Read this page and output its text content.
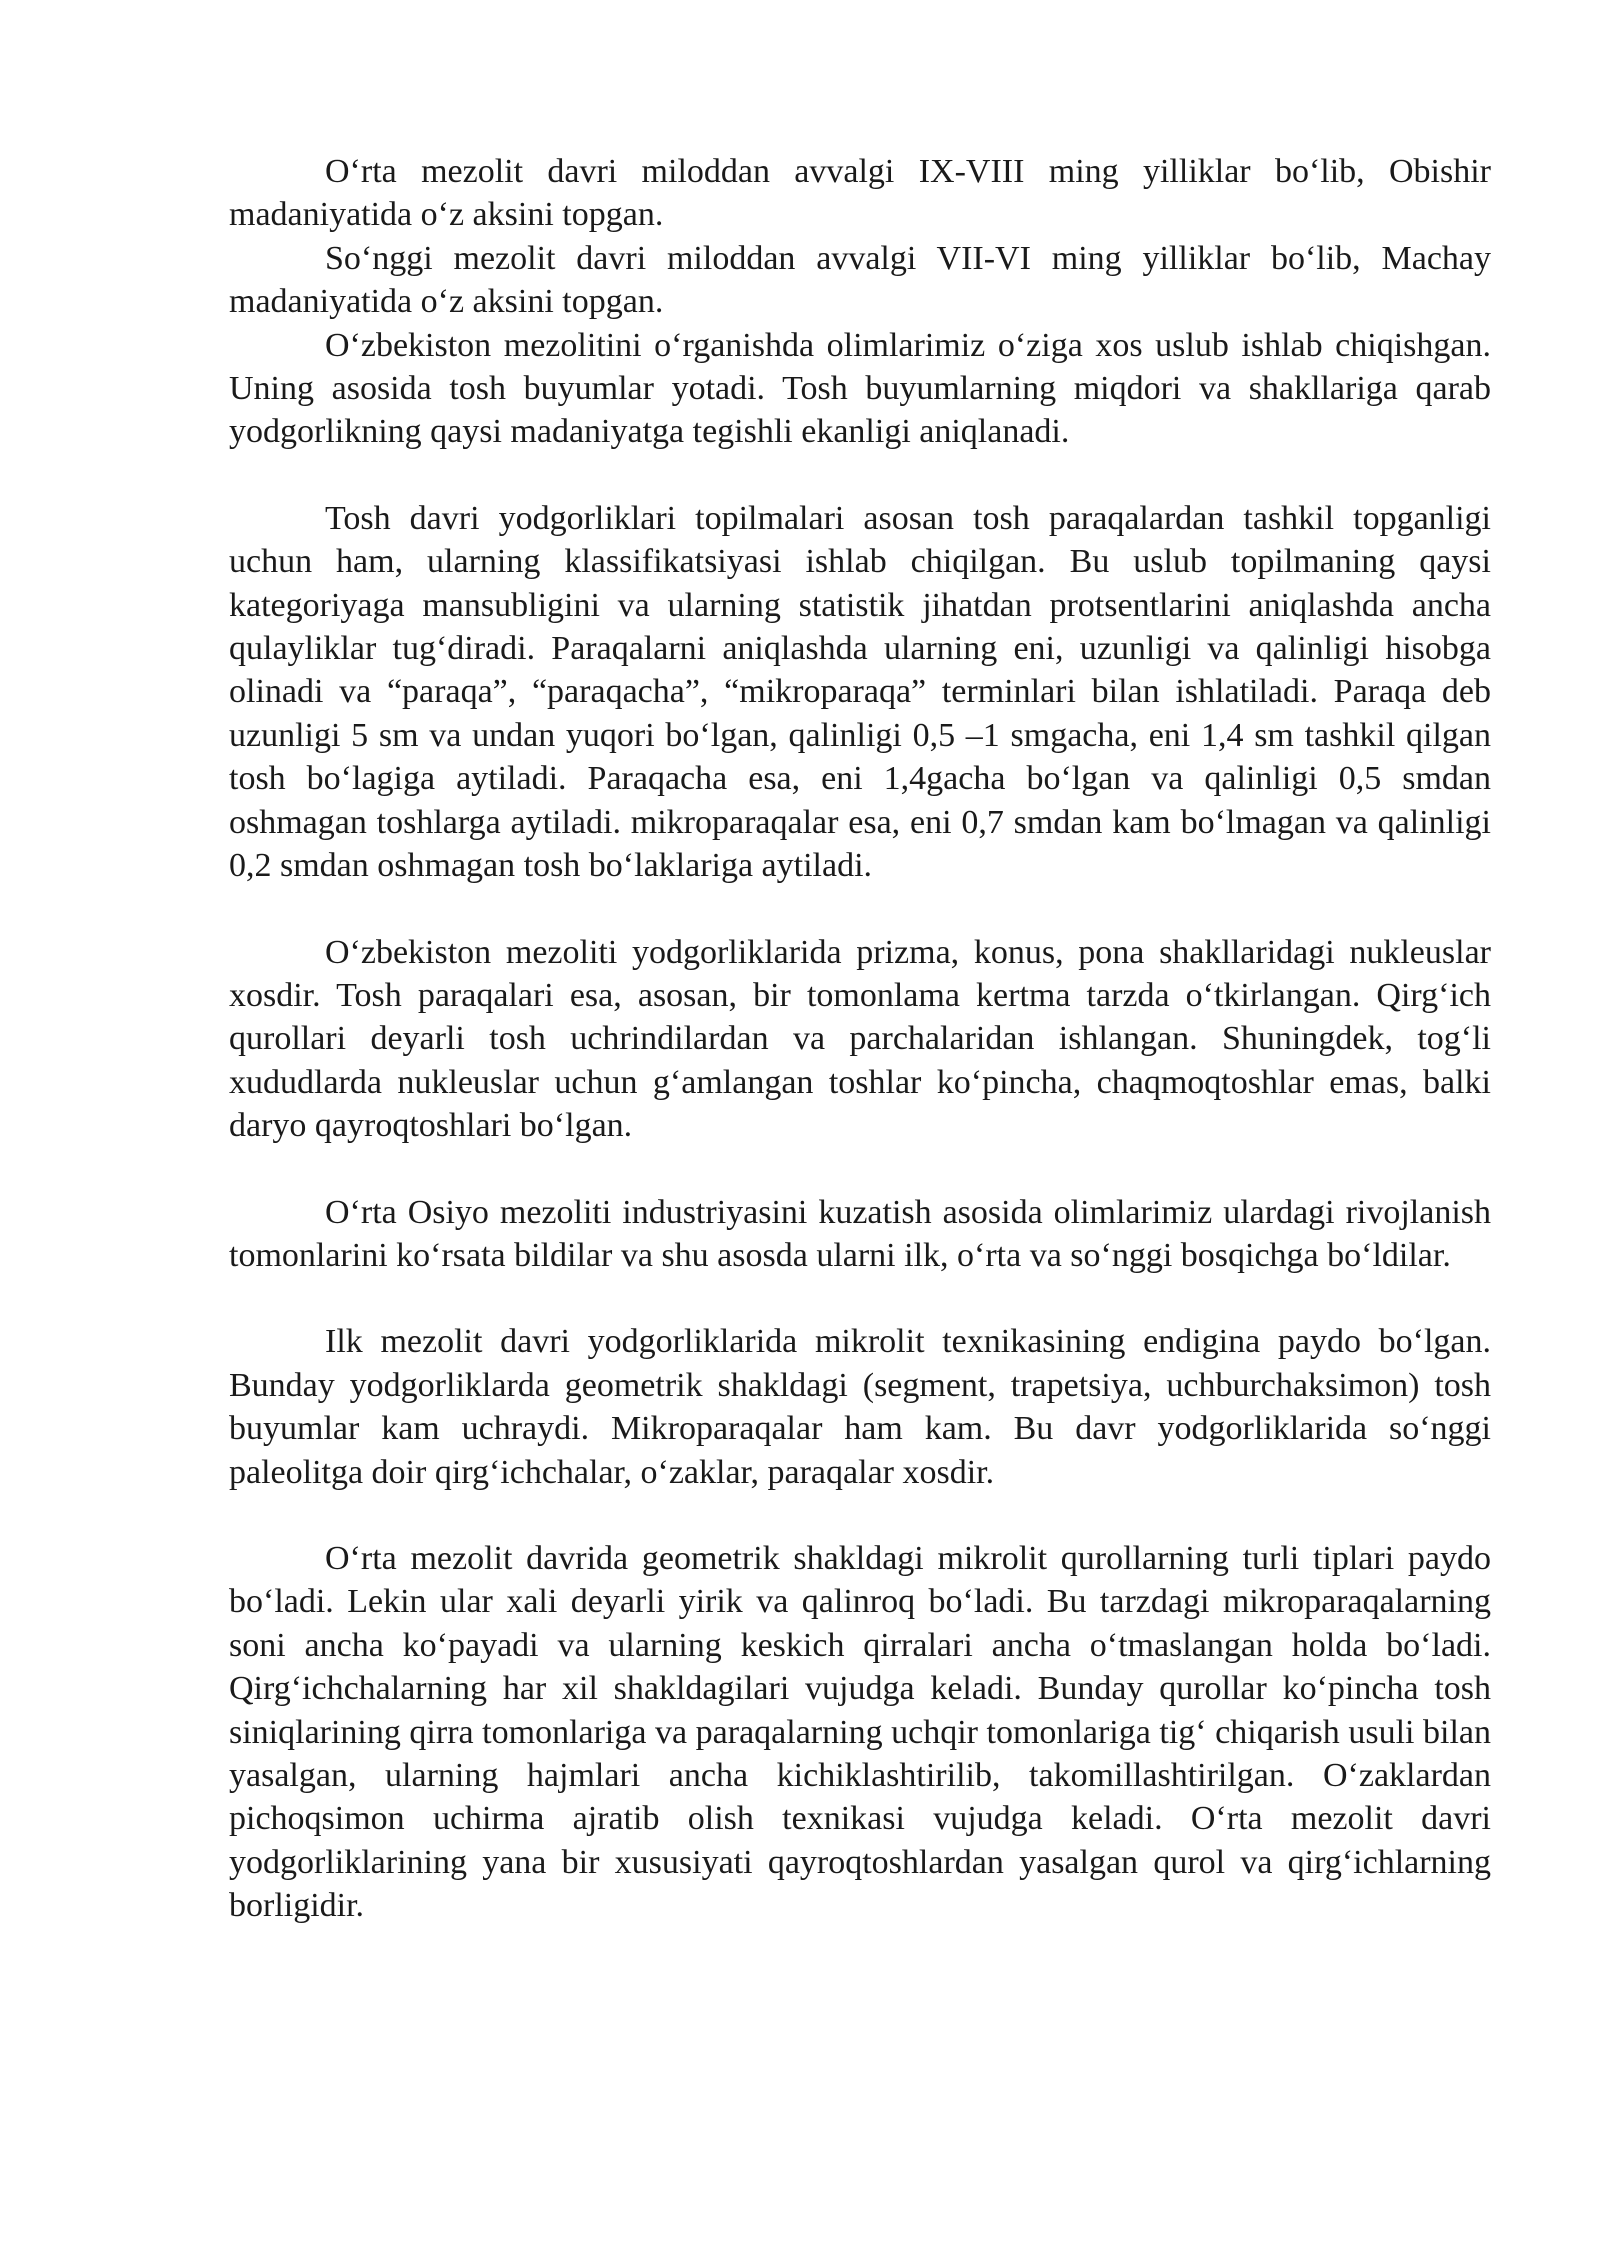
O‘rta mezolit davri miloddan avvalgi IX-VIII ming yilliklar bo‘lib, Obishir madaniyatida o‘z aksini topgan.

So‘nggi mezolit davri miloddan avvalgi VII-VI ming yilliklar bo‘lib, Machay madaniyatida o‘z aksini topgan.

O‘zbekiston mezolitini o‘rganishda olimlarimiz o‘ziga xos uslub ishlab chiqishgan. Uning asosida tosh buyumlar yotadi. Tosh buyumlarning miqdori va shakllariga qarab yodgorlikning qaysi madaniyatga tegishli ekanligi aniqlanadi.

Tosh davri yodgorliklari topilmalari asosan tosh paraqalardan tashkil topganligi uchun ham, ularning klassifikatsiyasi ishlab chiqilgan. Bu uslub topilmaning qaysi kategoriyaga mansubligini va ularning statistik jihatdan protsentlarini aniqlashda ancha qulayliklar tug‘diradi. Paraqalarni aniqlashda ularning eni, uzunligi va qalinligi hisobga olinadi va “paraqa”, “paraqacha”, “mikroparaqa” terminlari bilan ishlatiladi. Paraqa deb uzunligi 5 sm va undan yuqori bo‘lgan, qalinligi 0,5 –1 smgacha, eni 1,4 sm tashkil qilgan tosh bo‘lagiga aytiladi. Paraqacha esa, eni 1,4gacha bo‘lgan va qalinligi 0,5 smdan oshmagan toshlarga aytiladi. mikroparaqalar esa, eni 0,7 smdan kam bo‘lmagan va qalinligi 0,2 smdan oshmagan tosh bo‘laklariga aytiladi.

O‘zbekiston mezoliti yodgorliklarida prizma, konus, pona shakllaridagi nukleuslar xosdir. Tosh paraqalari esa, asosan, bir tomonlama kertma tarzda o‘tkirlangan. Qirg‘ich qurollari deyarli tosh uchrindilardan va parchalaridan ishlangan. Shuningdek, tog‘li xududlarda nukleuslar uchun g‘amlangan toshlar ko‘pincha, chaqmoqtoshlar emas, balki daryo qayroqtoshlari bo‘lgan.

O‘rta Osiyo mezoliti industriyasini kuzatish asosida olimlarimiz ulardagi rivojlanish tomonlarini ko‘rsata bildilar va shu asosda ularni ilk, o‘rta va so‘nggi bosqichga bo‘ldilar.

Ilk mezolit davri yodgorliklarida mikrolit texnikasining endigina paydo bo‘lgan. Bunday yodgorliklarda geometrik shakldagi (segment, trapetsiya, uchburchaksimon) tosh buyumlar kam uchraydi. Mikroparaqalar ham kam. Bu davr yodgorliklarida so‘nggi paleolitga doir qirg‘ichchalar, o‘zaklar, paraqalar xosdir.

O‘rta mezolit davrida geometrik shakldagi mikrolit qurollarning turli tiplari paydo bo‘ladi. Lekin ular xali deyarli yirik va qalinroq bo‘ladi. Bu tarzdagi mikroparaqalarning soni ancha ko‘payadi va ularning keskich qirralari ancha o‘tmaslangan holda bo‘ladi. Qirg‘ichchalarning har xil shakldagilari vujudga keladi. Bunday qurollar ko‘pincha tosh siniqlarining qirra tomonlariga va paraqalarning uchqir tomonlariga tig‘ chiqarish usuli bilan yasalgan, ularning hajmlari ancha kichiklashtirilib, takomillashtirilgan. O‘zaklardan pichoqsimon uchirma ajratib olish texnikasi vujudga keladi. O‘rta mezolit davri yodgorliklarining yana bir xususiyati qayroqtoshlardan yasalgan qurol va qirg‘ichlarning borligidir.
